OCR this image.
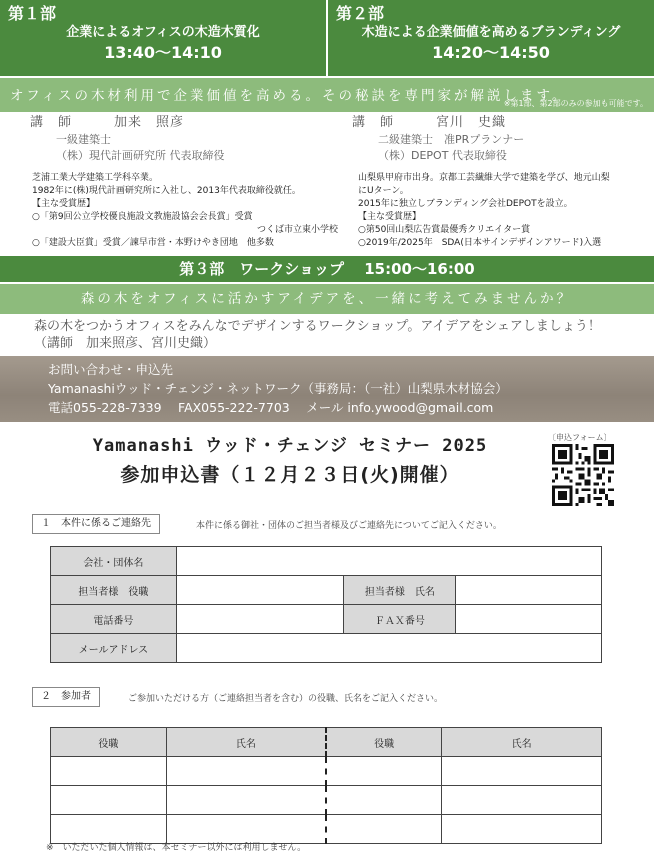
第１部
企業によるオフィスの木造木質化
13:40～14:10
第２部
木造による企業価値を高めるブランディング
14:20～14:50
オフィスの木材利用で企業価値を高める。その秘訣を専門家が解説します。
※第1部、第2部のみの参加も可能です。
講　師　　　加来　照彦
一級建築士
（株）現代計画研究所 代表取締役
芝浦工業大学建築工学科卒業。
1982年に(株)現代計画研究所に入社し、2013年代表取締役就任。
【主な受賞歴】
○「第9回公立学校優良施設文教施設協会会長賞」受賞
つくば市立東小学校
○「建設大臣賞」受賞／諫早市営・本野けやき団地　他多数
講　師　　　宮川　史織
二級建築士　准PRプランナー
（株）DEPOT 代表取締役
山梨県甲府市出身。京都工芸繊維大学で建築を学び、地元山梨
にUターン。
2015年に独立しブランディング会社DEPOTを設立。
【主な受賞歴】
○第50回山梨広告賞最優秀クリエイター賞
○2019年/2025年　SDA(日本サインデザインアワード)入選
第３部　ワークショップ　 15:00～16:00
森の木をオフィスに活かすアイデアを、一緒に考えてみませんか？
森の木をつかうオフィスをみんなでデザインするワークショップ。アイデアをシェアしましょう！　　（講師　加来照彦、宮川史織）
お問い合わせ・申込先
Yamanashiウッド・チェンジ・ネットワーク（事務局：（一社）山梨県木材協会）
電話055-228-7339　 FAX055-222-7703　 メール info.ywood@gmail.com
Yamanashi ウッド・チェンジ セミナー 2025
参加申込書（１２月２３日(火)開催）
〔申込フォーム〕
１　本件に係るご連絡先	本件に係る御社・団体のご担当者様及びご連絡先についてご記入ください。
会社・団体名			
担当者様　役職		担当者様　氏名	
電話番号		ＦＡＸ番号	
メールアドレス			
２　参加者	ご参加いただける方（ご連絡担当者を含む）の役職、氏名をご記入ください。
役職	氏名	役職	氏名

※　いただいた個人情報は、本セミナー以外には利用しません。
